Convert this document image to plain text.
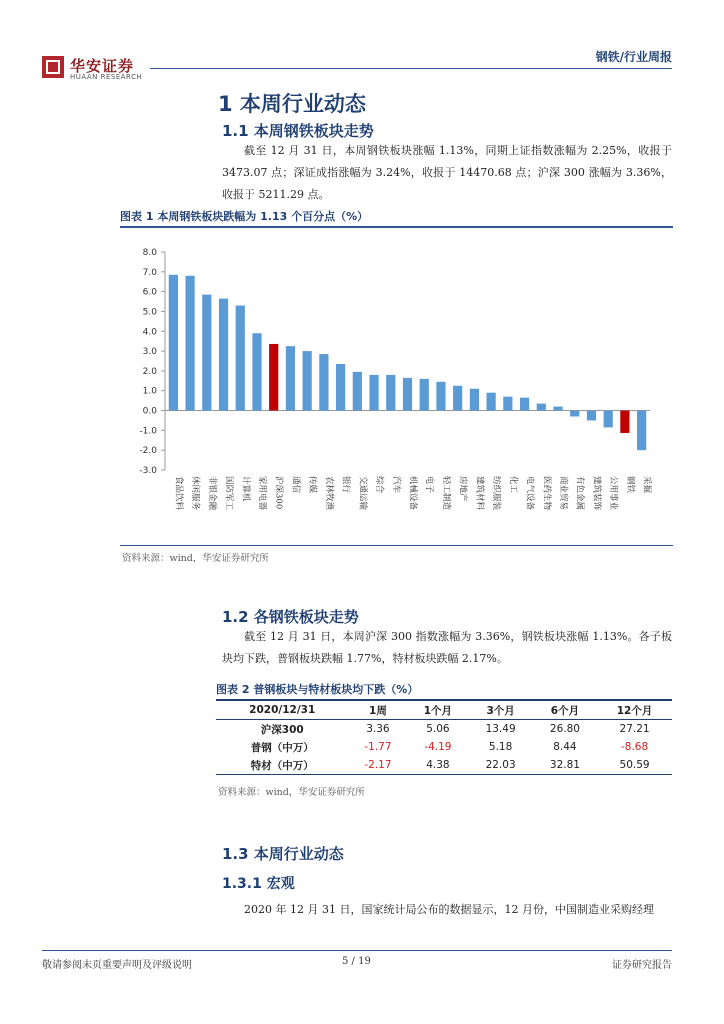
华安证券
HUAAN RESEARCH
钢铁/行业周报
1 本周行业动态
1.1 本周钢铁板块走势

截至 12 月 31 日，本周钢铁板块涨幅 1.13%，同期上证指数涨幅为 2.25%，收报于 3473.07 点；深证成指涨幅为 3.24%，收报于 14470.68 点；沪深 300 涨幅为 3.36%，收报于 5211.29 点。

图表 1 本周钢铁板块跌幅为 1.13 个百分点（%）
8.0
7.0
6.0
5.0
4.0
3.0
2.0
1.0
0.0
-1.0
-2.0
-3.0
食品饮料 休闲服务 非银金融 国防军工 计算机 家用电器 沪深300 通信 传媒 农林牧渔 银行 交通运输 综合 汽车 机械设备 电子 轻工制造 房地产 建筑材料 纺织服装 化工 电气设备 医药生物 商业贸易 有色金属 建筑装饰 公用事业 钢铁 采掘
资料来源：wind，华安证券研究所
1.2 各钢铁板块走势

截至 12 月 31 日，本周沪深 300 指数涨幅为 3.36%，钢铁板块涨幅 1.13%。各子板块均下跌，普钢板块跌幅 1.77%，特材板块跌幅 2.17%。

图表 2 普钢板块与特材板块均下跌（%）
2020/12/31	1周	1个月	3个月	6个月	12个月
沪深300	3.36	5.06	13.49	26.80	27.21
普钢（中万）	-1.77	-4.19	5.18	8.44	-8.68
特材（中万）	-2.17	4.38	22.03	32.81	50.59
资料来源：wind，华安证券研究所
1.3 本周行业动态
1.3.1 宏观

2020 年 12 月 31 日，国家统计局公布的数据显示，12 月份，中国制造业采购经理

敬请参阅末页重要声明及评级说明	5 / 19	证券研究报告
